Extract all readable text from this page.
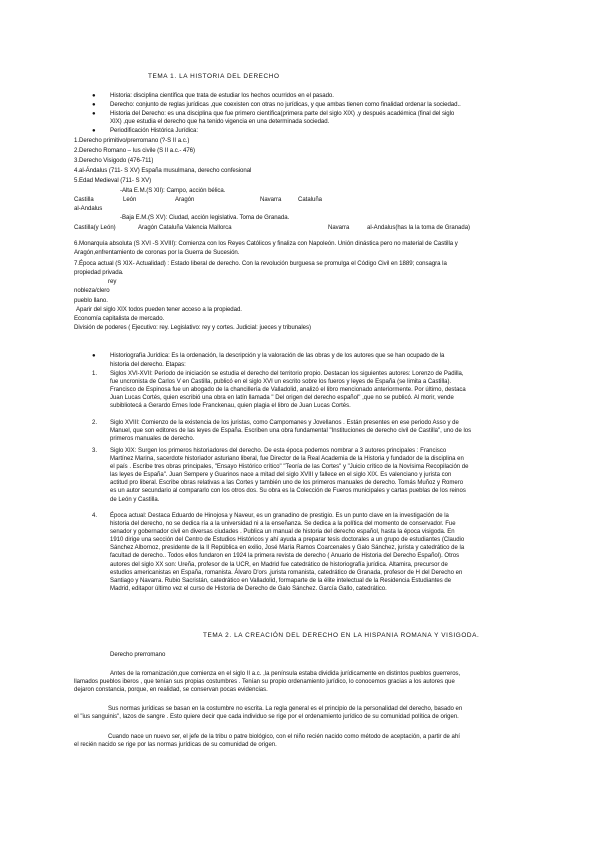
TEMA 1. LA HISTORIA DEL DERECHO
● Historia: disciplina científica que trata de estudiar los hechos ocurridos en el pasado.
● Derecho: conjunto de reglas jurídicas ,que coexisten con otras no jurídicas, y que ambas tienen como finalidad ordenar la sociedad..
● Historia del Derecho: es una disciplina que fue primero científica(primera parte del siglo XIX) ,y después académica (final del siglo
XIX) ,que estudia el derecho que ha tenido vigencia en una determinada sociedad.
● Periodificación Histórica Jurídica:
1.Derecho primitivo/prerromano (?-S II a.c.)
2.Derecho Romano – Ius civile (S II a.c.- 476)
3.Derecho Visigodo (476-711)
4.al-Ándalus (711- S XV) España musulmana, derecho confesional
5.Edad Medieval (711- S XV)
-Alta E.M.(S XII): Campo, acción bélica.
Castilla	León	Aragón	Navarra	Cataluña
al-Andalus
-Baja E.M.(S XV): Ciudad, acción legislativa. Toma de Granada.
Castilla(y León)	Aragón Cataluña Valencia Mallorca	Navarra	al-Andalus(has la la toma de Granada)
6.Monarquía absoluta (S XVI -S XVIII): Comienza con los Reyes Católicos y finaliza con Napoleón. Unión dinástica pero no material de Castilla y
Aragón,enfrentamiento de coronas por la Guerra de Sucesión.
7.Época actual (S XIX- Actualidad) : Estado liberal de derecho. Con la revolución burguesa se promulga el Código Civil en 1889; consagra la
propiedad privada.
rey
nobleza/clero
pueblo llano.
Aparir del siglo XIX todos pueden tener acceso a la propiedad.
Economía capitalista de mercado.
División de poderes ( Ejecutivo: rey. Legislativo: rey y cortes. Judicial: jueces y tribunales)
● Historiografía Jurídica: Es la ordenación, la descripción y la valoración de las obras y de los autores que se han ocupado de la
historia del derecho. Etapas:
1. Siglos XVI-XVII: Período de iniciación se estudia el derecho del territorio propio. Destacan los siguientes autores: Lorenzo de Padilla,
fue uncronista de Carlos V en Castilla, publicó en el siglo XVI un escrito sobre los fueros y leyes de España (se limita a Castilla).
Francisco de Espinosa fue un abogado de la chancillería de Valladolid, analizó el libro mencionado anteriormente. Por último, destaca
Juan Lucas Cortés, quien escribió una obra en latín llamada " Del origen del derecho español" ,que no se publicó. Al morir, vende
subibliotecá a Gerardo Ernes lode Franckenau, quien plagia el libro de Juan Lucas Cortés.
2. Siglo XVIII: Comienzo de la existencia de los juristas, como Campomanes y Jovellanos . Están presentes en ese periodo Asso y de
Manuel, que son editores de las leyes de España. Escriben una obra fundamental "Instituciones de derecho civil de Castilla", uno de los
primeros manuales de derecho.
3. Siglo XIX: Surgen los primeros historiadores del derecho. De esta época podemos nombrar a 3 autores principales : Francisco
Martínez Marina, sacerdote historiador asturiano liberal, fue Director de la Real Academia de la Historia y fundador de la disciplina en
el país . Escribe tres obras principales, "Ensayo Histórico crítico" "Teoría de las Cortes" y "Juicio crítico de la Novísima Recopilación de
las leyes de España". Juan Sempere y Guarinos nace a mitad del siglo XVIII y fallece en el siglo XIX. Es valenciano y jurista con
actitud pro liberal. Escribe obras relativas a las Cortes y también uno de los primeros manuales de derecho. Tomás Muñoz y Romero
es un autor secundario al compararlo con los otros dos. Su obra es la Colección de Fueros municipales y cartas pueblas de los reinos
de León y Castilla.
4. Época actual: Destaca Eduardo de Hinojosa y Naveur, es un granadino de prestigio. Es un punto clave en la investigación de la
historia del derecho, no se dedica ría a la universidad ni a la enseñanza. Se dedica a la política del momento de conservador. Fue
senador y gobernador civil en diversas ciudades . Publica un manual de historia del derecho español, hasta la época visigoda. En
1910 dirige una sección del Centro de Estudios Históricos y ahí ayuda a preparar tesis doctorales a un grupo de estudiantes (Claudio
Sánchez Albornoz, presidente de la II República en exilio, José María Ramos Coarcenales y Galo Sánchez, jurista y catedrático de la
facultad de derecho.. Todos ellos fundaron en 1924 la primera revista de derecho ( Anuario de Historia del Derecho Español). Otros
autores del siglo XX son: Ureña, profesor de la UCR, en Madrid fue catedrático de historiografía jurídica. Altamira, precursor de
estudios americanistas en España, romanista. Álvaro D'ors ,jurista romanista, catedrático de Granada, profesor de H del Derecho en
Santiago y Navarra. Rubio Sacristán, catedrático en Valladolid, formaparte de la élite intelectual de la Residencia Estudiantes de
Madrid, editapor último vez el curso de Historia de Derecho de Galo Sánchez. García Gallo, catedrático.
TEMA 2. LA CREACIÓN DEL DERECHO EN LA HISPANIA ROMANA Y VISIGODA.
Derecho prerromano
Antes de la romanización,que comienza en el siglo II a.c. ,la península estaba dividida jurídicamente en distintos pueblos guerreros,
llamados pueblos iberos , que tenían sus propias costumbres . Tenían su propio ordenamiento jurídico, lo conocemos gracias a los autores que
dejaron constancia, porque, en realidad, se conservan pocas evidencias.
Sus normas jurídicas se basan en la costumbre no escrita. La regla general es el principio de la personalidad del derecho, basado en
el "ius sanguinis", lazos de sangre . Esto quiere decir que cada individuo se rige por el ordenamiento jurídico de su comunidad política de origen.
Cuando nace un nuevo ser, el jefe de la tribu o patre biológico, con el niño recién nacido como método de aceptación, a partir de ahí
el recién nacido se rige por las normas jurídicas de su comunidad de origen.
